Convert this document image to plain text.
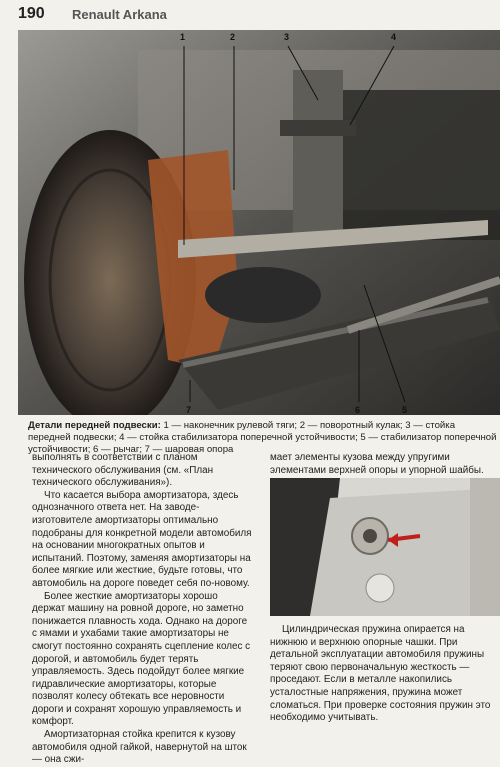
190 Renault Arkana
1	2	3	4
5
6
7
Детали передней подвески: 1 — наконечник рулевой тяги; 2 — поворотный кулак; 3 — стойка передней подвески; 4 — стойка стабилизатора поперечной устойчивости; 5 — стабилизатор поперечной устойчивости; 6 — рычаг; 7 — шаровая опора

выполнять в соответствии с планом технического обслуживания (см. «План технического обслуживания»).

Что касается выбора амортизатора, здесь однозначного ответа нет. На заводе-изготовителе амортизаторы оптимально подобраны для конкретной модели автомобиля на основании многократных опытов и испытаний. Поэтому, заменяя амортизаторы на более мягкие или жесткие, будьте готовы, что автомобиль на дороге поведет себя по-новому.

Более жесткие амортизаторы хорошо держат машину на ровной дороге, но заметно понижается плавность хода. Однако на дороге с ямами и ухабами такие амортизаторы не смогут постоянно сохранять сцепление колес с дорогой, и автомобиль будет терять управляемость. Здесь подойдут более мягкие гидравлические амортизаторы, которые позволят колесу обтекать все неровности дороги и сохранят хорошую управляемость и комфорт.

Амортизаторная стойка крепится к кузову автомобиля одной гайкой, навернутой на шток — она сжи-

мает элементы кузова между упругими элементами верхней опоры и упорной шайбы.

Цилиндрическая пружина опирается на нижнюю и верхнюю опорные чашки. При детальной эксплуатации автомобиля пружины теряют свою первоначальную жесткость — проседают. Если в металле накопились усталостные напряжения, пружина может сломаться. При проверке состояния пружин это необходимо учитывать.
